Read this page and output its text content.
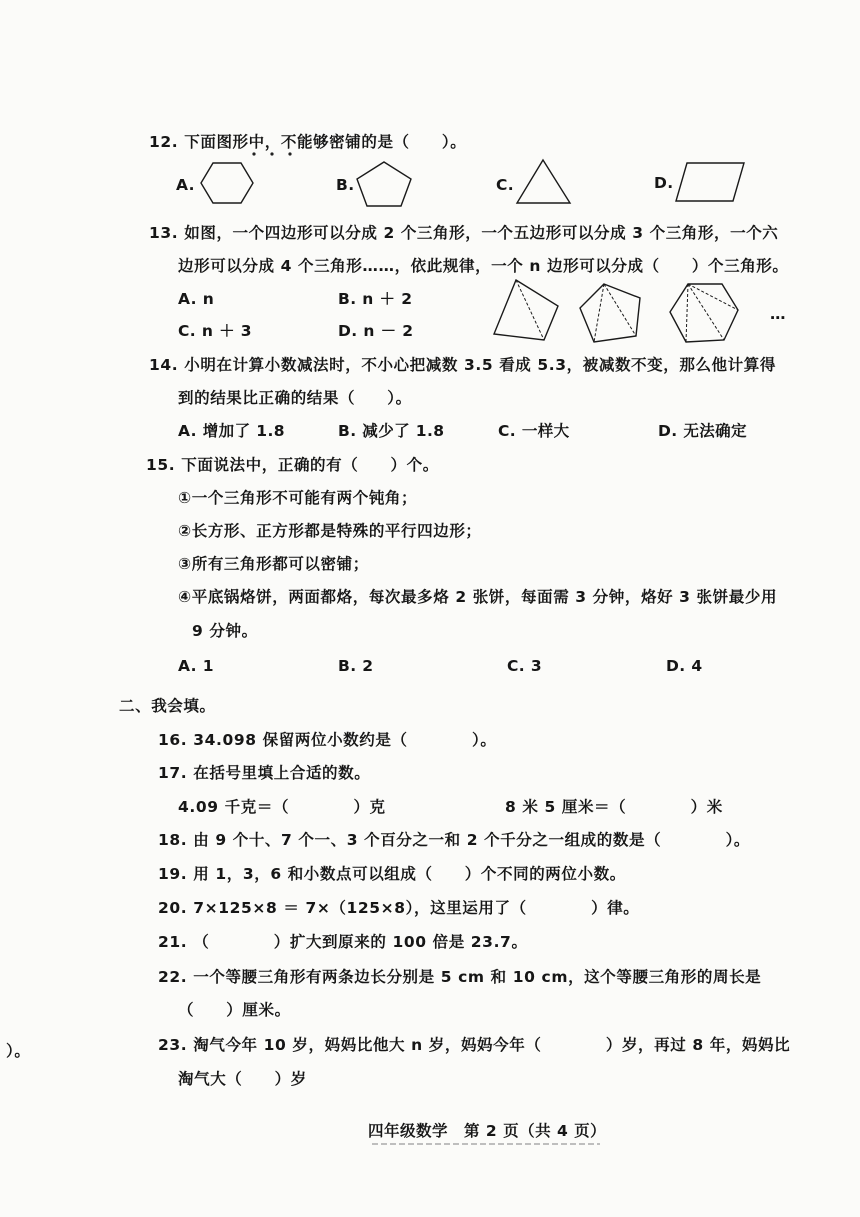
12. 下面图形中，不能够密铺的是（　　）。
A.	B.	C.	D.
13. 如图，一个四边形可以分成 2 个三角形，一个五边形可以分成 3 个三角形，一个六
边形可以分成 4 个三角形……，依此规律，一个 n 边形可以分成（　　）个三角形。
A. n	B. n ＋ 2
C. n ＋ 3	D. n － 2
…
14. 小明在计算小数减法时，不小心把减数 3.5 看成 5.3，被减数不变，那么他计算得
到的结果比正确的结果（　　）。
A. 增加了 1.8	B. 减少了 1.8	C. 一样大	D. 无法确定
15. 下面说法中，正确的有（　　）个。
①一个三角形不可能有两个钝角；
②长方形、正方形都是特殊的平行四边形；
③所有三角形都可以密铺；
④平底锅烙饼，两面都烙，每次最多烙 2 张饼，每面需 3 分钟，烙好 3 张饼最少用
9 分钟。
A. 1	B. 2	C. 3	D. 4
二、我会填。
16. 34.098 保留两位小数约是（　　　　）。
17. 在括号里填上合适的数。
4.09 千克＝（　　　　）克	8 米 5 厘米＝（　　　　）米
18. 由 9 个十、7 个一、3 个百分之一和 2 个千分之一组成的数是（　　　　）。
19. 用 1，3，6 和小数点可以组成（　　）个不同的两位小数。
20. 7×125×8 ＝ 7×（125×8），这里运用了（　　　　）律。
21. （　　　　）扩大到原来的 100 倍是 23.7。
22. 一个等腰三角形有两条边长分别是 5 cm 和 10 cm，这个等腰三角形的周长是
（　　）厘米。
）。	23. 淘气今年 10 岁，妈妈比他大 n 岁，妈妈今年（　　　　）岁，再过 8 年，妈妈比
淘气大（　　）岁
四年级数学　第 2 页（共 4 页）
